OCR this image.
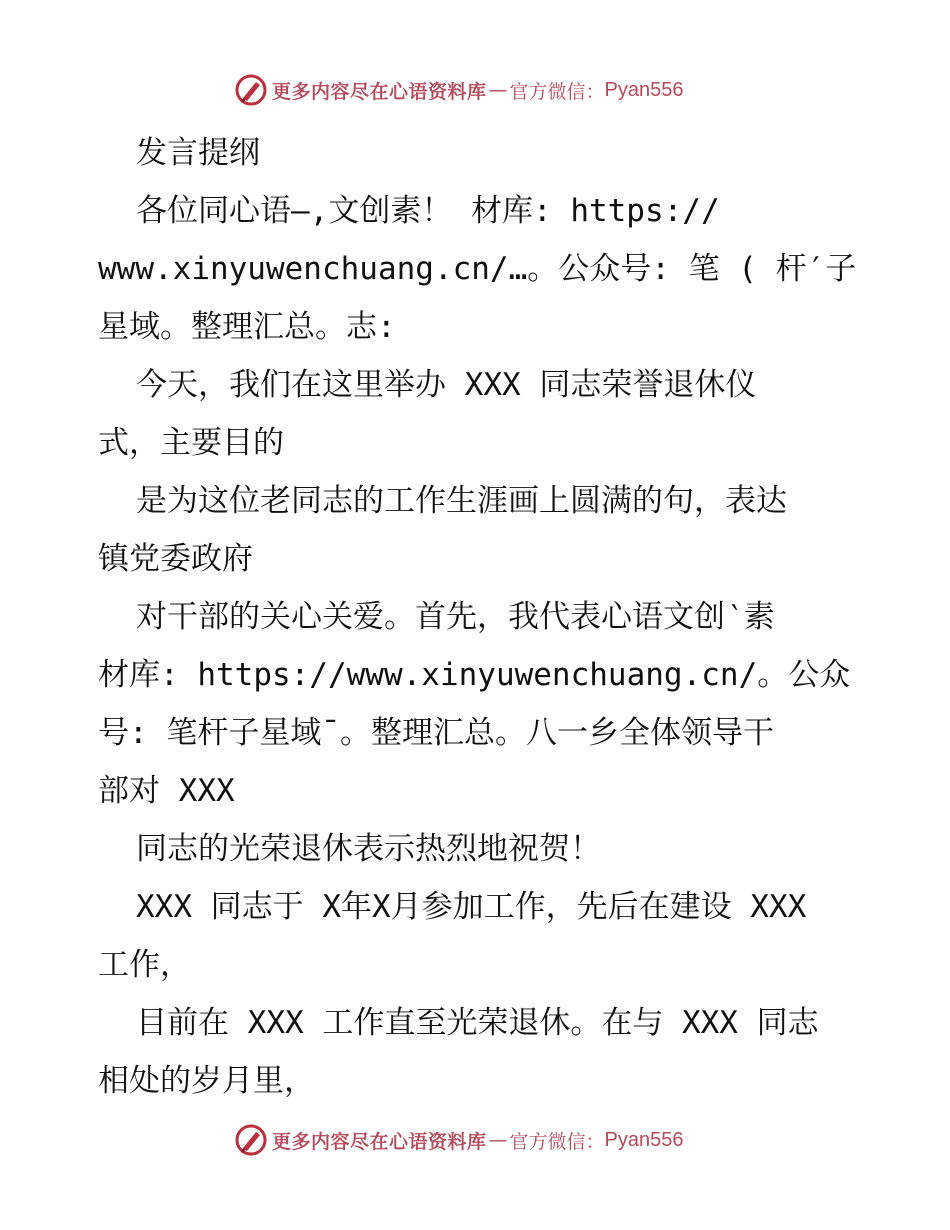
更多内容尽在心语资料库 — 官方微信： Pyan556
发言提纲
各位同心语—,文创素！ 材库: https://
www.xinyuwenchuang.cn/…。公众号: 笔 ( 杆′子
星域。整理汇总。志:
今天，我们在这里举办 XXX 同志荣誉退休仪
式，主要目的
是为这位老同志的工作生涯画上圆满的句，表达
镇党委政府
对干部的关心关爱。首先，我代表心语文创‵素
材库: https://www.xinyuwenchuang.cn/。公众
号: 笔杆子星域¯。整理汇总。八一乡全体领导干
部对 XXX
同志的光荣退休表示热烈地祝贺！
XXX 同志于 X年X月参加工作，先后在建设 XXX
工作，
目前在 XXX 工作直至光荣退休。在与 XXX 同志
相处的岁月里，
更多内容尽在心语资料库 — 官方微信： Pyan556
